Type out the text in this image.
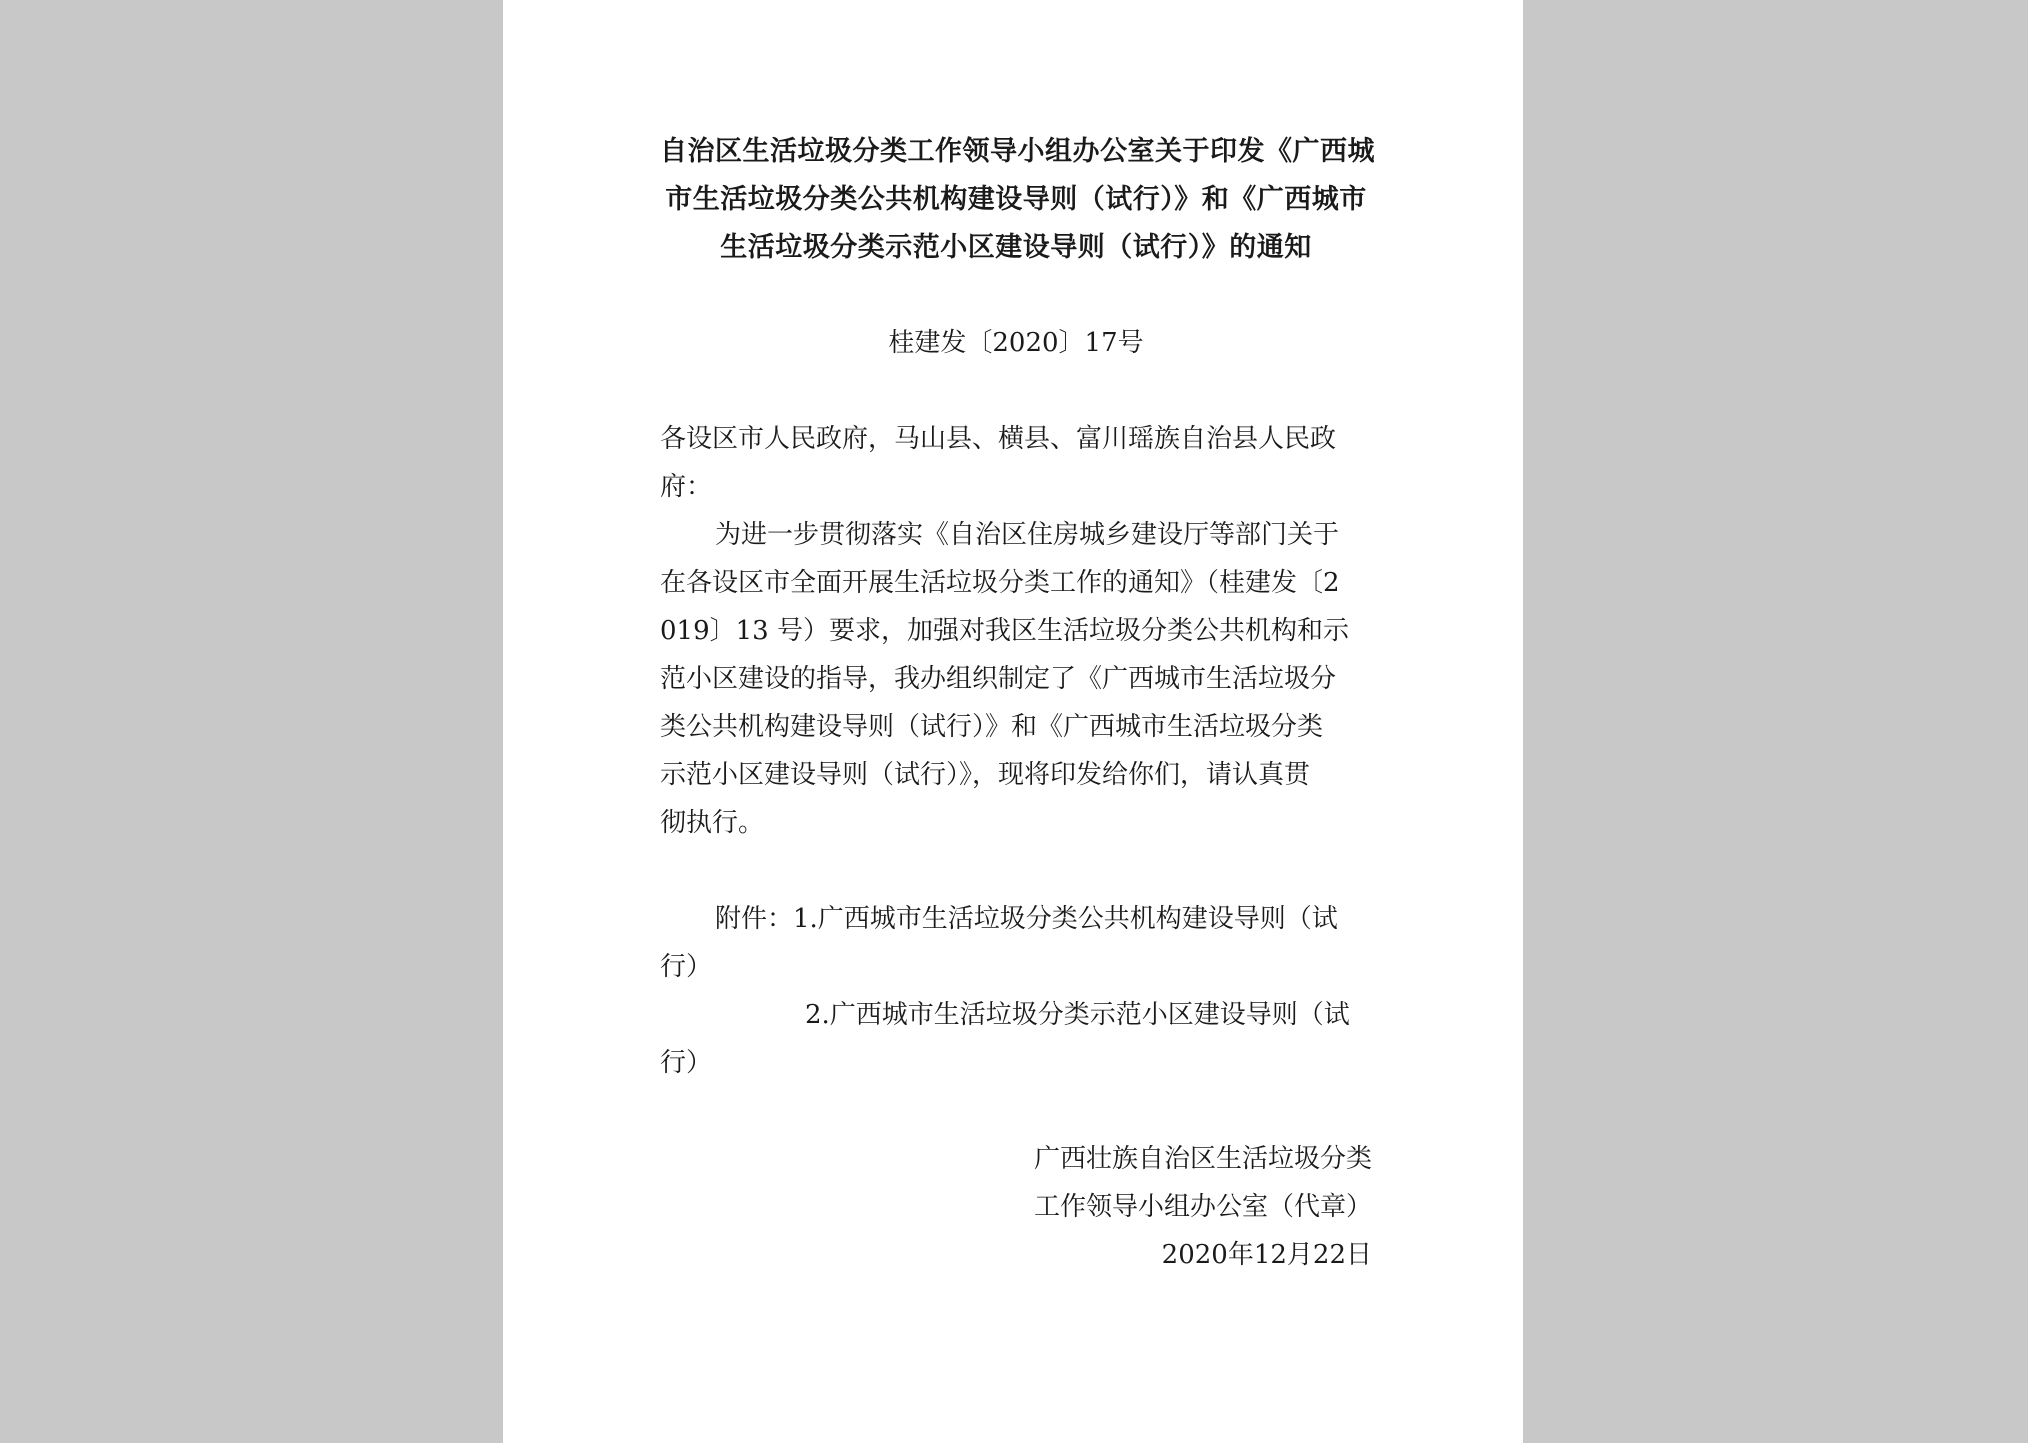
自治区生活垃圾分类工作领导小组办公室关于印发《广西城
市生活垃圾分类公共机构建设导则（试行）》和《广西城市
生活垃圾分类示范小区建设导则（试行）》的通知
桂建发〔2020〕17号
各设区市人民政府，马山县、横县、富川瑶族自治县人民政
府：
为进一步贯彻落实《自治区住房城乡建设厅等部门关于
在各设区市全面开展生活垃圾分类工作的通知》（桂建发〔2
019〕13 号）要求，加强对我区生活垃圾分类公共机构和示
范小区建设的指导，我办组织制定了《广西城市生活垃圾分
类公共机构建设导则（试行）》和《广西城市生活垃圾分类
示范小区建设导则（试行）》，现将印发给你们，请认真贯
彻执行。
附件：1.广西城市生活垃圾分类公共机构建设导则（试
行）
2.广西城市生活垃圾分类示范小区建设导则（试
行）
广西壮族自治区生活垃圾分类
工作领导小组办公室（代章）
2020年12月22日
